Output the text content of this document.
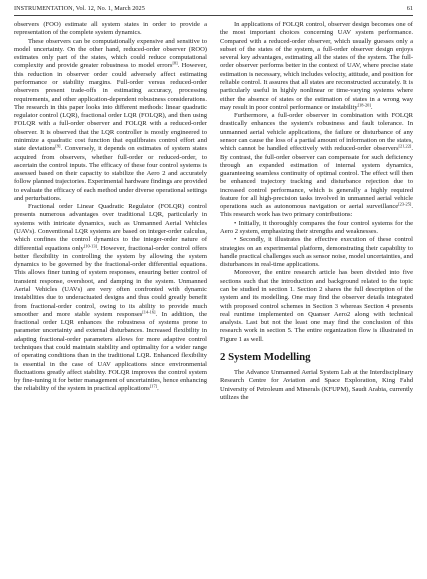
INSTRUMENTATION, Vol. 12, No. 1, March 2025	61

observers (FOO) estimate all system states in order to provide a representation of the complete system dynamics.

These observers can be computationally expensive and sensitive to model uncertainty. On the other hand, reduced-order observer (ROO) estimates only part of the states, which could reduce computational complexity and provide greater robustness to model errors[8]. However, this reduction in observer order could adversely affect estimating performance or stability margins. Full-order versus reduced-order observers present trade-offs in estimating accuracy, processing requirements, and other application-dependent robustness considerations. The research in this paper looks into different methods: linear quadratic regulator control (LQR), fractional order LQR (FOLQR), and then using FOLQR with a full-order observer and FOLQR with a reduced-order observer. It is observed that the LQR controller is mostly engineered to minimize a quadratic cost function that equilibrates control effort and state deviations[9]. Conversely, it depends on estimates of system states acquired from observers, whether full-order or reduced-order, to ascertain the control inputs. The efficacy of these four control systems is assessed based on their capacity to stabilize the Aero 2 and accurately follow planned trajectories. Experimental hardware findings are provided to evaluate the efficacy of each method under diverse operational settings and perturbations.

Fractional order Linear Quadratic Regulator (FOLQR) control presents numerous advantages over traditional LQR, particularly in systems with intricate dynamics, such as Unmanned Aerial Vehicles (UAVs). Conventional LQR systems are based on integer-order calculus, which confines the control dynamics to the integer-order nature of differential equations only[10-13]. However, fractional-order control offers better flexibility in controlling the system by allowing the system dynamics to be governed by the fractional-order differential equations. This allows finer tuning of system responses, ensuring better control of transient response, overshoot, and damping in the system. Unmanned Aerial Vehicles (UAVs) are very often confronted with dynamic instabilities due to underactuated designs and thus could greatly benefit from fractional-order control, owing to its ability to provide much smoother and more stable system responses[14-16]. In addition, the fractional order LQR enhances the robustness of systems prone to parameter uncertainty and external disturbances. Increased flexibility in adapting fractional-order parameters allows for more adaptive control techniques that could maintain stability and optimality for a wider range of operating conditions than in the traditional LQR. Enhanced flexibility is essential in the case of UAV applications since environmental fluctuations greatly affect stability. FOLQR improves the control system by fine-tuning it for better management of uncertainties, hence enhancing the reliability of the system in practical applications[17].

In applications of FOLQR control, observer design becomes one of the most important choices concerning UAV system performance. Compared with a reduced-order observer, which usually guesses only a subset of the states of the system, a full-order observer design enjoys several key advantages, estimating all the states of the system. The full-order observer performs better in the context of UAV, where precise state estimation is necessary, which includes velocity, attitude, and position for reliable control. It assures that all states are reconstructed accurately. It is particularly useful in highly nonlinear or time-varying systems where either the absence of states or the estimation of states in a wrong way may result in poor control performance or instability[18-20].

Furthermore, a full-order observer in combination with FOLQR drastically enhances the system's robustness and fault tolerance. In unmanned aerial vehicle applications, the failure or disturbance of any sensor can cause the loss of a partial amount of information on the states, which cannot be handled effectively with reduced-order observers[21,22]. By contrast, the full-order observer can compensate for such deficiency through an expanded estimation of internal system dynamics, guaranteeing seamless continuity of optimal control. The effect will then be enhanced trajectory tracking and disturbance rejection due to increased control performance, which is generally a highly required feature for all high-precision tasks involved in unmanned aerial vehicle operations such as autonomous navigation or aerial surveillance[23-25]. This research work has two primary contributions:

• Initially, it thoroughly compares the four control systems for the Aero 2 system, emphasizing their strengths and weaknesses.

• Secondly, it illustrates the effective execution of these control strategies on an experimental platform, demonstrating their capability to handle practical challenges such as sensor noise, model uncertainties, and disturbances in real-time applications.

Moreover, the entire research article has been divided into five sections such that the introduction and background related to the topic can be studied in section 1. Section 2 shares the full description of the system and its modelling. One may find the observer details integrated with proposed control schemes in Section 3 whereas Section 4 presents real runtime implemented on Quanser Aero2 along with technical analysis. Last but not the least one may find the conclusion of this research work in section 5. The entire organization flow is illustrated in Figure 1 as well.

2 System Modelling

The Advance Unmanned Aerial System Lab at the Interdisciplinary Research Centre for Aviation and Space Exploration, King Fahd University of Petroleum and Minerals (KFUPM), Saudi Arabia, currently utilizes the
